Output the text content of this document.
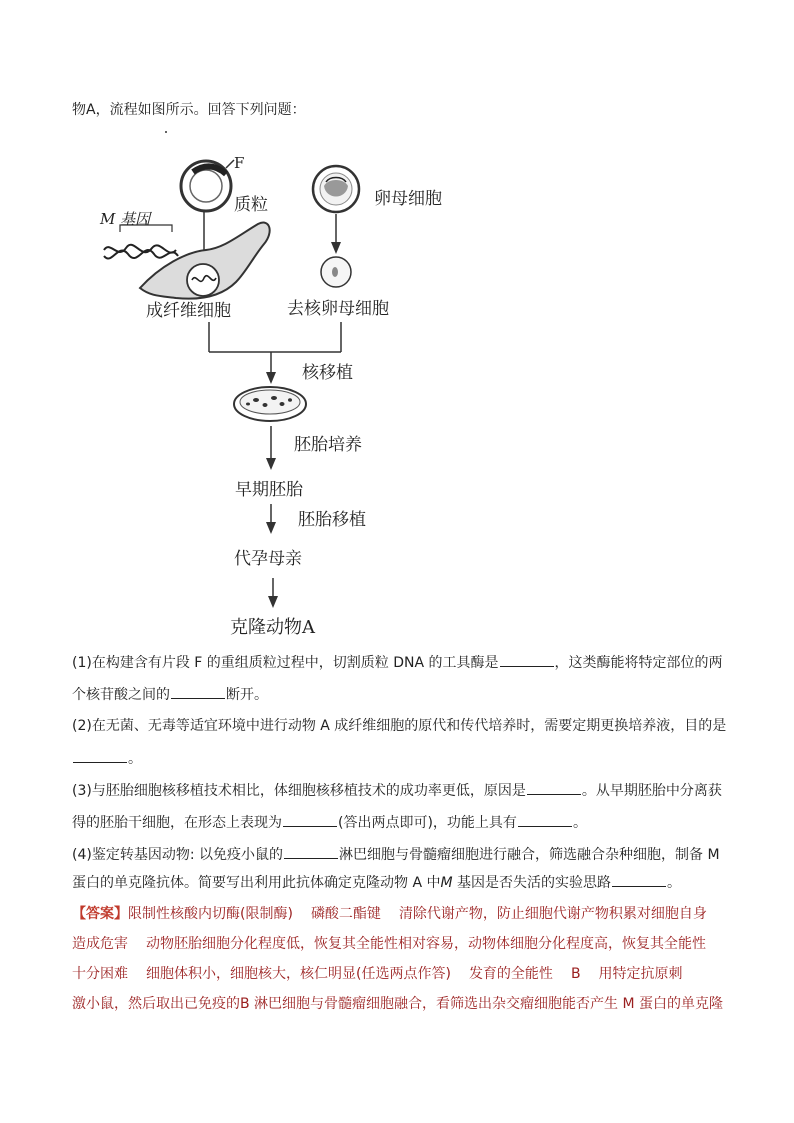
物A，流程如图所示。回答下列问题：
F
质粒
M 基因
卵母细胞
成纤维细胞	去核卵母细胞
核移植
胚胎培养
早期胚胎
胚胎移植
代孕母亲
克隆动物A
(1)在构建含有片段 F 的重组质粒过程中，切割质粒 DNA 的工具酶是	，这类酶能将特定部位的两
个核苷酸之间的	断开。
(2)在无菌、无毒等适宜环境中进行动物 A 成纤维细胞的原代和传代培养时，需要定期更换培养液，目的是
。
(3)与胚胎细胞核移植技术相比，体细胞核移植技术的成功率更低，原因是	。从早期胚胎中分离获
得的胚胎干细胞，在形态上表现为	(答出两点即可)，功能上具有	。
(4)鉴定转基因动物: 以免疫小鼠的	淋巴细胞与骨髓瘤细胞进行融合，筛选融合杂种细胞，制备 M
蛋白的单克隆抗体。简要写出利用此抗体确定克隆动物 A 中M 基因是否失活的实验思路	。
【答案】限制性核酸内切酶(限制酶) 磷酸二酯键 清除代谢产物，防止细胞代谢产物积累对细胞自身
造成危害 动物胚胎细胞分化程度低，恢复其全能性相对容易，动物体细胞分化程度高，恢复其全能性
十分困难 细胞体积小，细胞核大，核仁明显(任选两点作答) 发育的全能性 B 用特定抗原刺
激小鼠，然后取出已免疫的B 淋巴细胞与骨髓瘤细胞融合，看筛选出杂交瘤细胞能否产生 M 蛋白的单克隆
